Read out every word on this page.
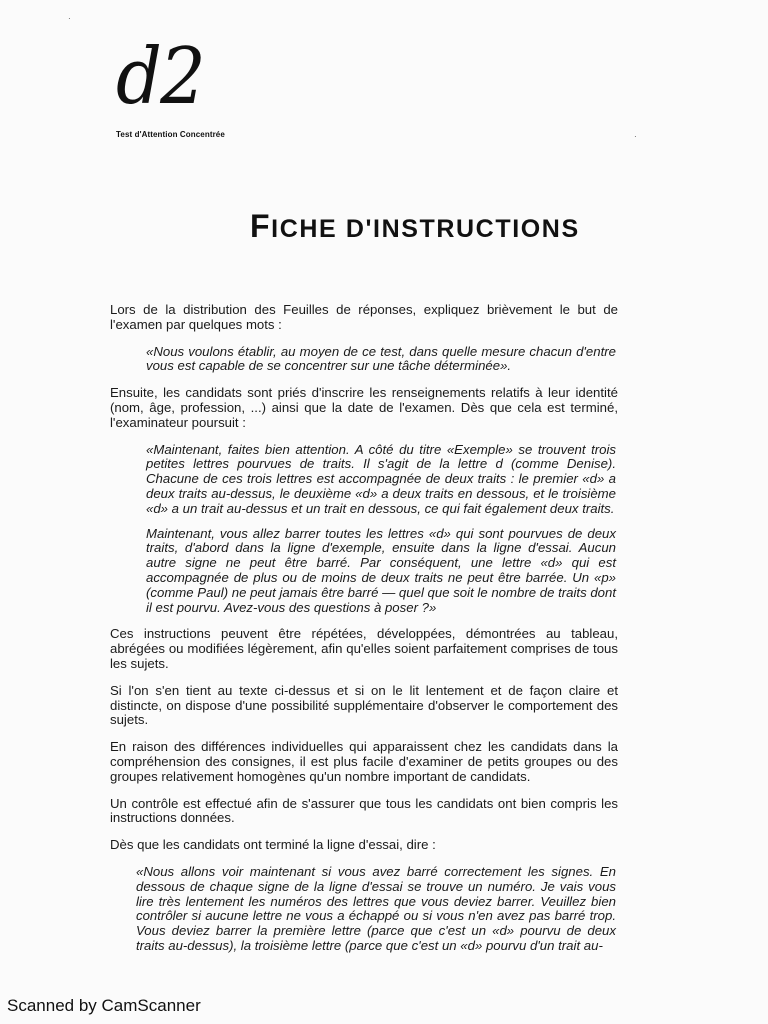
·
·
d2
Test d'Attention Concentrée
FICHE D'INSTRUCTIONS

Lors de la distribution des Feuilles de réponses, expliquez brièvement le but de l'examen par quelques mots :

«Nous voulons établir, au moyen de ce test, dans quelle mesure chacun d'entre vous est capable de se concentrer sur une tâche déterminée».

Ensuite, les candidats sont priés d'inscrire les renseignements relatifs à leur identité (nom, âge, profession, ...) ainsi que la date de l'examen. Dès que cela est terminé, l'examinateur poursuit :

«Maintenant, faites bien attention. A côté du titre «Exemple» se trouvent trois petites lettres pourvues de traits. Il s'agit de la lettre d (comme Denise). Chacune de ces trois lettres est accompagnée de deux traits : le premier «d» a deux traits au-dessus, le deuxième «d» a deux traits en dessous, et le troisième «d» a un trait au-dessus et un trait en dessous, ce qui fait également deux traits.

Maintenant, vous allez barrer toutes les lettres «d» qui sont pourvues de deux traits, d'abord dans la ligne d'exemple, ensuite dans la ligne d'essai. Aucun autre signe ne peut être barré. Par conséquent, une lettre «d» qui est accompagnée de plus ou de moins de deux traits ne peut être barrée. Un «p» (comme Paul) ne peut jamais être barré — quel que soit le nombre de traits dont il est pourvu. Avez-vous des questions à poser ?»

Ces instructions peuvent être répétées, développées, démontrées au tableau, abrégées ou modifiées légèrement, afin qu'elles soient parfaitement comprises de tous les sujets.

Si l'on s'en tient au texte ci-dessus et si on le lit lentement et de façon claire et distincte, on dispose d'une possibilité supplémentaire d'observer le comportement des sujets.

En raison des différences individuelles qui apparaissent chez les candidats dans la compréhension des consignes, il est plus facile d'examiner de petits groupes ou des groupes relativement homogènes qu'un nombre important de candidats.

Un contrôle est effectué afin de s'assurer que tous les candidats ont bien compris les instructions données.

Dès que les candidats ont terminé la ligne d'essai, dire :

«Nous allons voir maintenant si vous avez barré correctement les signes. En dessous de chaque signe de la ligne d'essai se trouve un numéro. Je vais vous lire très lentement les numéros des lettres que vous deviez barrer. Veuillez bien contrôler si aucune lettre ne vous a échappé ou si vous n'en avez pas barré trop. Vous deviez barrer la première lettre (parce que c'est un «d» pourvu de deux traits au-dessus), la troisième lettre (parce que c'est un «d» pourvu d'un trait au-

Scanned by CamScanner
